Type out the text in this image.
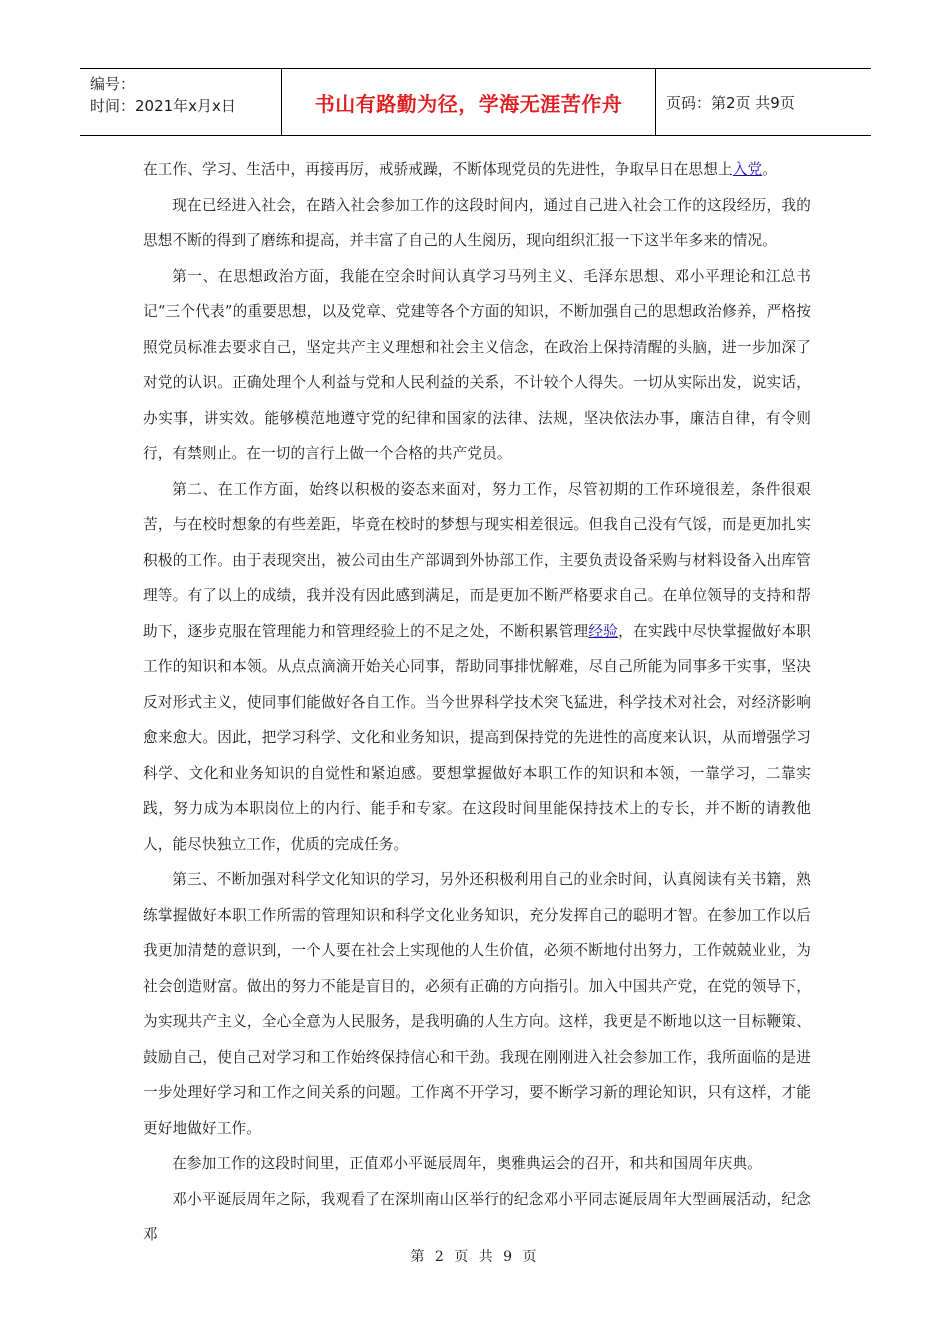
编号：
时间：2021年x月x日	书山有路勤为径，学海无涯苦作舟	页码：第2页 共9页

在工作、学习、生活中，再接再厉，戒骄戒躁，不断体现党员的先进性，争取早日在思想上入党。

现在已经进入社会，在踏入社会参加工作的这段时间内，通过自己进入社会工作的这段经历，我的思想不断的得到了磨练和提高，并丰富了自己的人生阅历，现向组织汇报一下这半年多来的情况。

第一、在思想政治方面，我能在空余时间认真学习马列主义、毛泽东思想、邓小平理论和江总书记“三个代表”的重要思想，以及党章、党建等各个方面的知识，不断加强自己的思想政治修养，严格按照党员标准去要求自己，坚定共产主义理想和社会主义信念，在政治上保持清醒的头脑，进一步加深了对党的认识。正确处理个人利益与党和人民利益的关系，不计较个人得失。一切从实际出发，说实话，办实事，讲实效。能够模范地遵守党的纪律和国家的法律、法规，坚决依法办事，廉洁自律，有令则行，有禁则止。在一切的言行上做一个合格的共产党员。

第二、在工作方面，始终以积极的姿态来面对，努力工作，尽管初期的工作环境很差，条件很艰苦，与在校时想象的有些差距，毕竟在校时的梦想与现实相差很远。但我自己没有气馁，而是更加扎实积极的工作。由于表现突出，被公司由生产部调到外协部工作，主要负责设备采购与材料设备入出库管理等。有了以上的成绩，我并没有因此感到满足，而是更加不断严格要求自己。在单位领导的支持和帮助下，逐步克服在管理能力和管理经验上的不足之处，不断积累管理经验，在实践中尽快掌握做好本职工作的知识和本领。从点点滴滴开始关心同事，帮助同事排忧解难，尽自己所能为同事多干实事，坚决反对形式主义，使同事们能做好各自工作。当今世界科学技术突飞猛进，科学技术对社会，对经济影响愈来愈大。因此，把学习科学、文化和业务知识，提高到保持党的先进性的高度来认识，从而增强学习科学、文化和业务知识的自觉性和紧迫感。要想掌握做好本职工作的知识和本领，一靠学习，二靠实践，努力成为本职岗位上的内行、能手和专家。在这段时间里能保持技术上的专长，并不断的请教他人，能尽快独立工作，优质的完成任务。

第三、不断加强对科学文化知识的学习，另外还积极利用自己的业余时间，认真阅读有关书籍，熟练掌握做好本职工作所需的管理知识和科学文化业务知识，充分发挥自己的聪明才智。在参加工作以后我更加清楚的意识到，一个人要在社会上实现他的人生价值，必须不断地付出努力，工作兢兢业业，为社会创造财富。做出的努力不能是盲目的，必须有正确的方向指引。加入中国共产党，在党的领导下，为实现共产主义，全心全意为人民服务，是我明确的人生方向。这样，我更是不断地以这一目标鞭策、鼓励自己，使自己对学习和工作始终保持信心和干劲。我现在刚刚进入社会参加工作，我所面临的是进一步处理好学习和工作之间关系的问题。工作离不开学习，要不断学习新的理论知识，只有这样，才能更好地做好工作。

在参加工作的这段时间里，正值邓小平诞辰周年，奥雅典运会的召开，和共和国周年庆典。

邓小平诞辰周年之际，我观看了在深圳南山区举行的纪念邓小平同志诞辰周年大型画展活动，纪念邓

第 2 页 共 9 页
